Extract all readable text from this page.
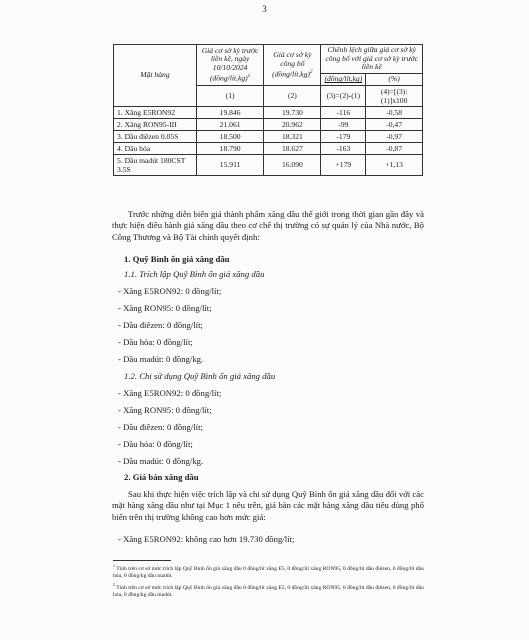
3
Mặt hàng	Giá cơ sở kỳ trước liền kề, ngày 10/10/2024 (đồng/lít,kg)$^1$	Giá cơ sở kỳ công bố (đồng/lít,kg)$^2$	Chênh lệch giữa giá cơ sở kỳ công bố với giá cơ sở kỳ trước liền kề	
			(đồng/lít,kg)	(%)
	(1)	(2)	(3)=(2)-(1)	(4)=[(3):(1)]x100
1. Xăng E5RON92	19.846	19.730	-116	-0,58
2. Xăng RON95-III	21.061	20.962	-99	-0,47
3. Dầu điêzen 0.05S	18.500	18.321	-179	-0,97
4. Dầu hỏa	18.790	18.627	-163	-0,87
5. Dầu madút 180CST 3.5S	15.911	16.090	+179	+1,13
Trước những diễn biến giá thành phẩm xăng dầu thế giới trong thời gian gần đây và thực hiện điều hành giá xăng dầu theo cơ chế thị trường có sự quản lý của Nhà nước, Bộ Công Thương và Bộ Tài chính quyết định:
1. Quỹ Bình ổn giá xăng dầu
1.1. Trích lập Quỹ Bình ổn giá xăng dầu
- Xăng E5RON92: 0 đồng/lít;
- Xăng RON95: 0 đồng/lít;
- Dầu điêzen: 0 đồng/lít;
- Dầu hỏa: 0 đồng/lít;
- Dầu madút: 0 đồng/kg.
1.2. Chi sử dụng Quỹ Bình ổn giá xăng dầu
- Xăng E5RON92: 0 đồng/lít;
- Xăng RON95: 0 đồng/lít;
- Dầu điêzen: 0 đồng/lít;
- Dầu hỏa: 0 đồng/lít;
- Dầu madút: 0 đồng/kg.
2. Giá bán xăng dầu
Sau khi thực hiện việc trích lập và chi sử dụng Quỹ Bình ổn giá xăng dầu đối với các mặt hàng xăng dầu như tại Mục 1 nêu trên, giá bán các mặt hàng xăng dầu tiêu dùng phổ biến trên thị trường không cao hơn mức giá:
- Xăng E5RON92: không cao hơn 19.730 đồng/lít;
$^1$ Tính trên cơ sở mức trích lập Quỹ Bình ổn giá xăng dầu 0 đồng/lít xăng E5, 0 đồng/lít xăng RON95, 0 đồng/lít dầu điêzen, 0 đồng/lít dầu hỏa, 0 đồng/kg dầu madút.
$^2$ Tính trên cơ sở mức trích lập Quỹ Bình ổn giá xăng dầu 0 đồng/lít xăng E5, 0 đồng/lít xăng RON95, 0 đồng/lít dầu điêzen, 0 đồng/lít dầu hỏa, 0 đồng/kg dầu madút.
